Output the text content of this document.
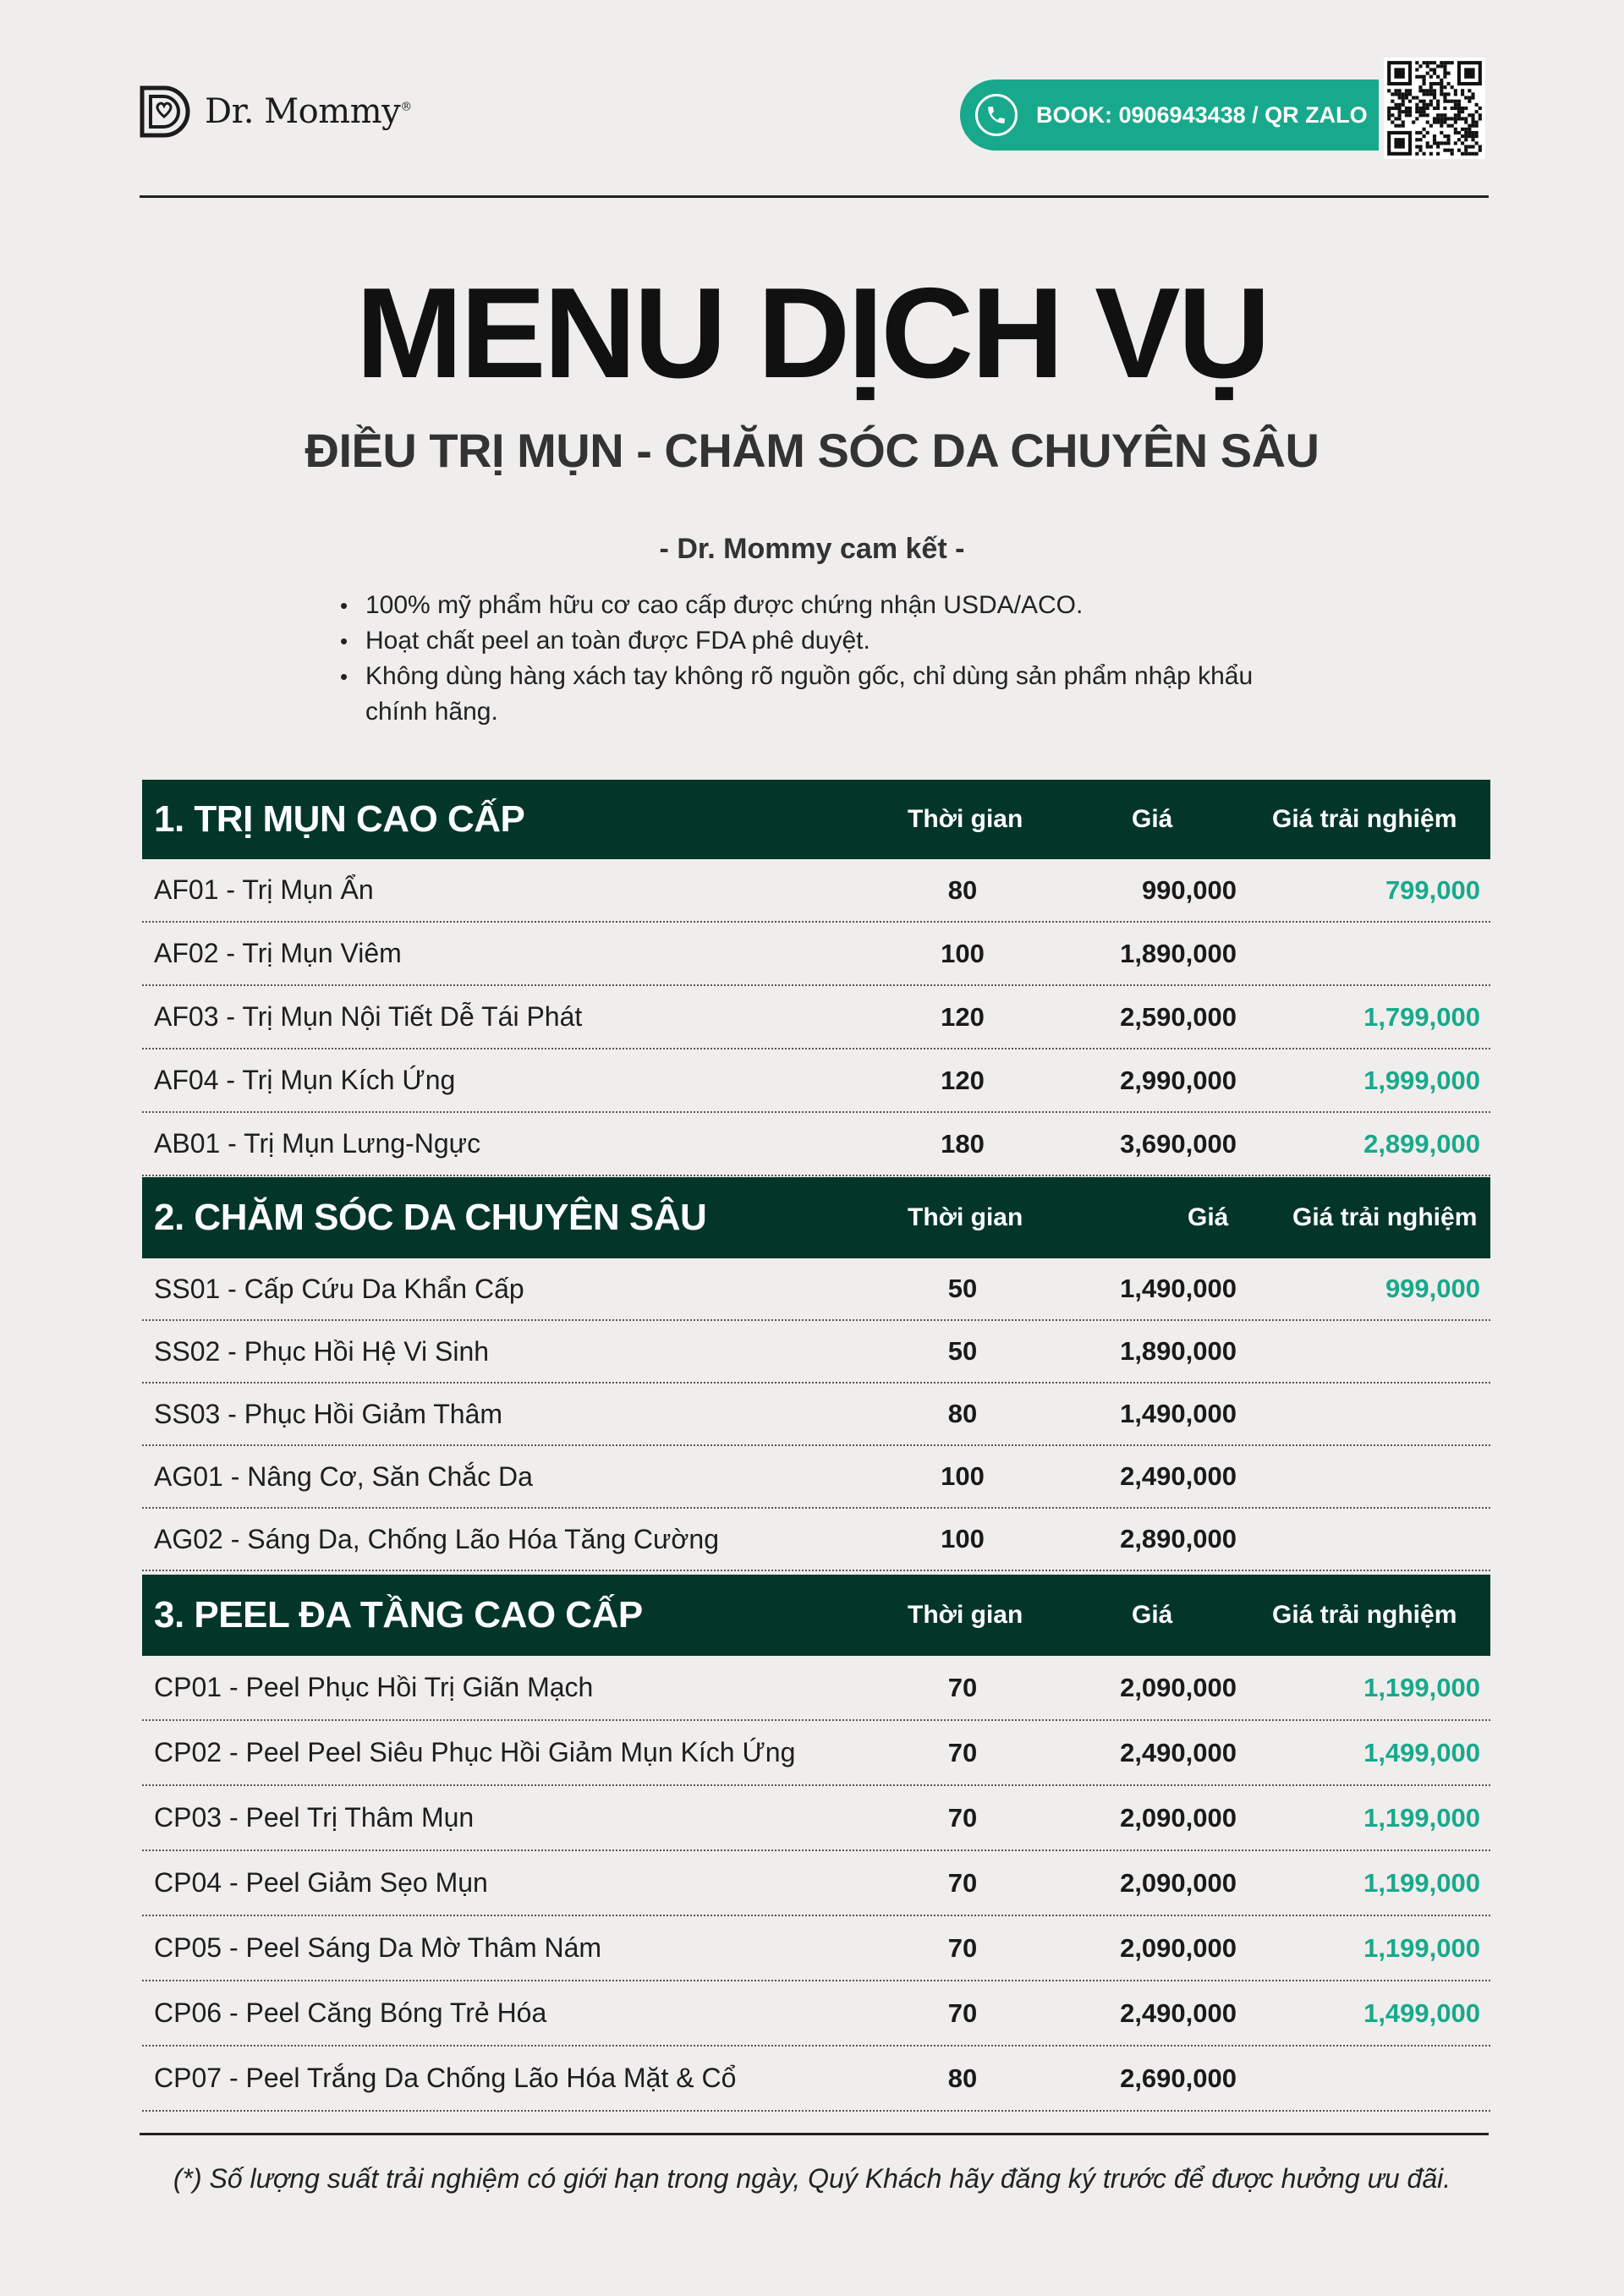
Dr. Mommy®	BOOK: 0906943438 / QR ZALO
MENU DỊCH VỤ
ĐIỀU TRỊ MỤN - CHĂM SÓC DA CHUYÊN SÂU
- Dr. Mommy cam kết -
• 100% mỹ phẩm hữu cơ cao cấp được chứng nhận USDA/ACO.
• Hoạt chất peel an toàn được FDA phê duyệt.
• Không dùng hàng xách tay không rõ nguồn gốc, chỉ dùng sản phẩm nhập khẩu chính hãng.
1. TRỊ MỤN CAO CẤP	Thời gian	Giá	Giá trải nghiệm
AF01 - Trị Mụn Ẩn	80	990,000	799,000
AF02 - Trị Mụn Viêm	100	1,890,000
AF03 - Trị Mụn Nội Tiết Dễ Tái Phát	120	2,590,000	1,799,000
AF04 - Trị Mụn Kích Ứng	120	2,990,000	1,999,000
AB01 - Trị Mụn Lưng-Ngực	180	3,690,000	2,899,000
2. CHĂM SÓC DA CHUYÊN SÂU	Thời gian	Giá	Giá trải nghiệm
SS01 - Cấp Cứu Da Khẩn Cấp	50	1,490,000	999,000
SS02 - Phục Hồi Hệ Vi Sinh	50	1,890,000
SS03 - Phục Hồi Giảm Thâm	80	1,490,000
AG01 - Nâng Cơ, Săn Chắc Da	100	2,490,000
AG02 - Sáng Da, Chống Lão Hóa Tăng Cường	100	2,890,000
3. PEEL ĐA TẦNG CAO CẤP	Thời gian	Giá	Giá trải nghiệm
CP01 - Peel Phục Hồi Trị Giãn Mạch	70	2,090,000	1,199,000
CP02 - Peel Peel Siêu Phục Hồi Giảm Mụn Kích Ứng	70	2,490,000	1,499,000
CP03 - Peel Trị Thâm Mụn	70	2,090,000	1,199,000
CP04 - Peel Giảm Sẹo Mụn	70	2,090,000	1,199,000
CP05 - Peel Sáng Da Mờ Thâm Nám	70	2,090,000	1,199,000
CP06 - Peel Căng Bóng Trẻ Hóa	70	2,490,000	1,499,000
CP07 - Peel Trắng Da Chống Lão Hóa Mặt & Cổ	80	2,690,000
(*) Số lượng suất trải nghiệm có giới hạn trong ngày, Quý Khách hãy đăng ký trước để được hưởng ưu đãi.
